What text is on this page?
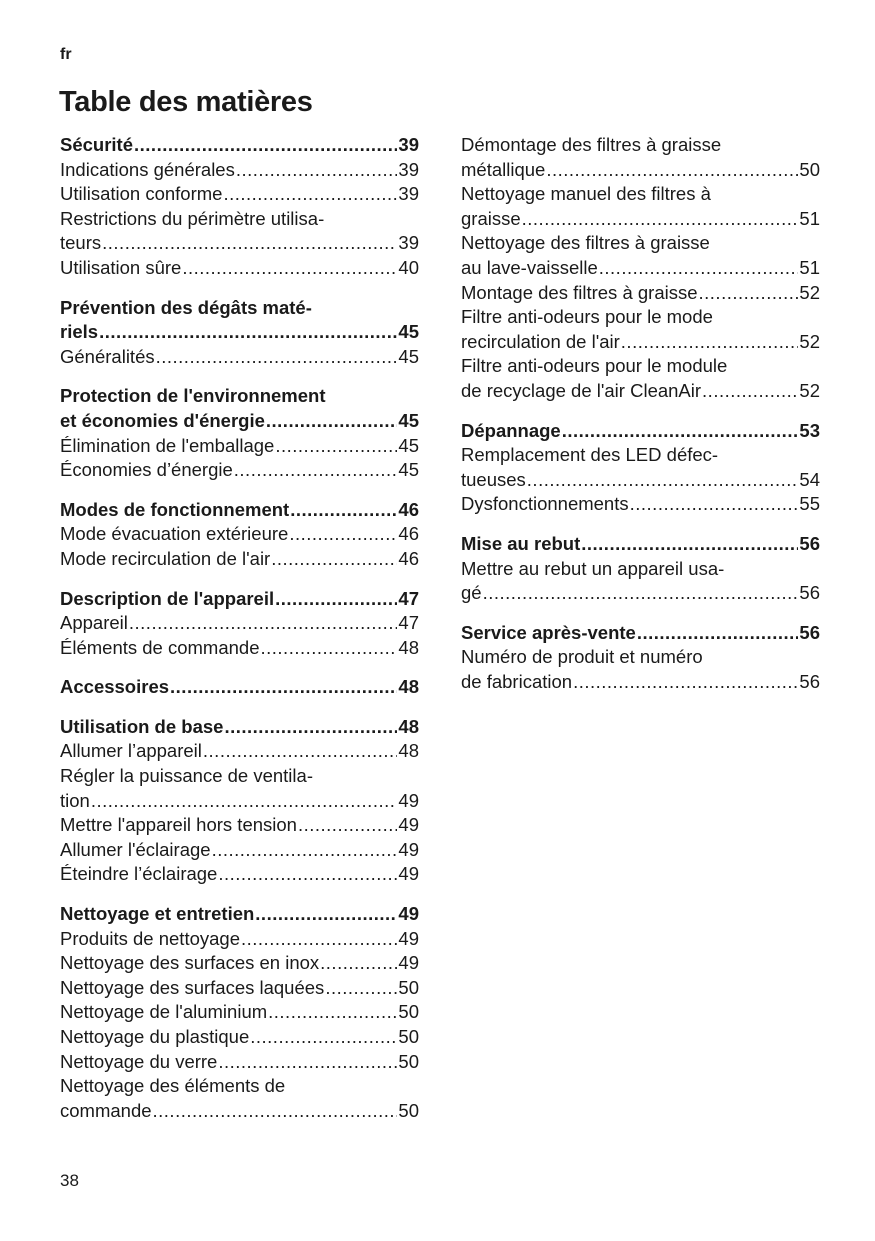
fr
Table des matières
Sécurité .....	39
Indications générales .....	39
Utilisation conforme .....	39
Restrictions du périmètre utilisa-
teurs .....	39
Utilisation sûre .....	40
Prévention des dégâts maté-
riels .....	45
Généralités .....	45
Protection de l'environnement
et économies d'énergie .....	45
Élimination de l'emballage .....	45
Économies d’énergie .....	45
Modes de fonctionnement .....	46
Mode évacuation extérieure .....	46
Mode recirculation de l'air .....	46
Description de l'appareil .....	47
Appareil .....	47
Éléments de commande .....	48
Accessoires .....	48
Utilisation de base .....	48
Allumer l’appareil .....	48
Régler la puissance de ventila-
tion .....	49
Mettre l'appareil hors tension .....	49
Allumer l'éclairage .....	49
Éteindre l’éclairage .....	49
Nettoyage et entretien .....	49
Produits de nettoyage .....	49
Nettoyage des surfaces en inox .....	49
Nettoyage des surfaces laquées .....	50
Nettoyage de l'aluminium .....	50
Nettoyage du plastique .....	50
Nettoyage du verre .....	50
Nettoyage des éléments de
commande .....	50
Démontage des filtres à graisse
métallique .....	50
Nettoyage manuel des filtres à
graisse .....	51
Nettoyage des filtres à graisse
au lave-vaisselle .....	51
Montage des filtres à graisse .....	52
Filtre anti-odeurs pour le mode
recirculation de l'air .....	52
Filtre anti-odeurs pour le module
de recyclage de l'air CleanAir .....	52
Dépannage .....	53
Remplacement des LED défec-
tueuses .....	54
Dysfonctionnements .....	55
Mise au rebut .....	56
Mettre au rebut un appareil usa-
gé .....	56
Service après-vente .....	56
Numéro de produit et numéro
de fabrication .....	56
38
